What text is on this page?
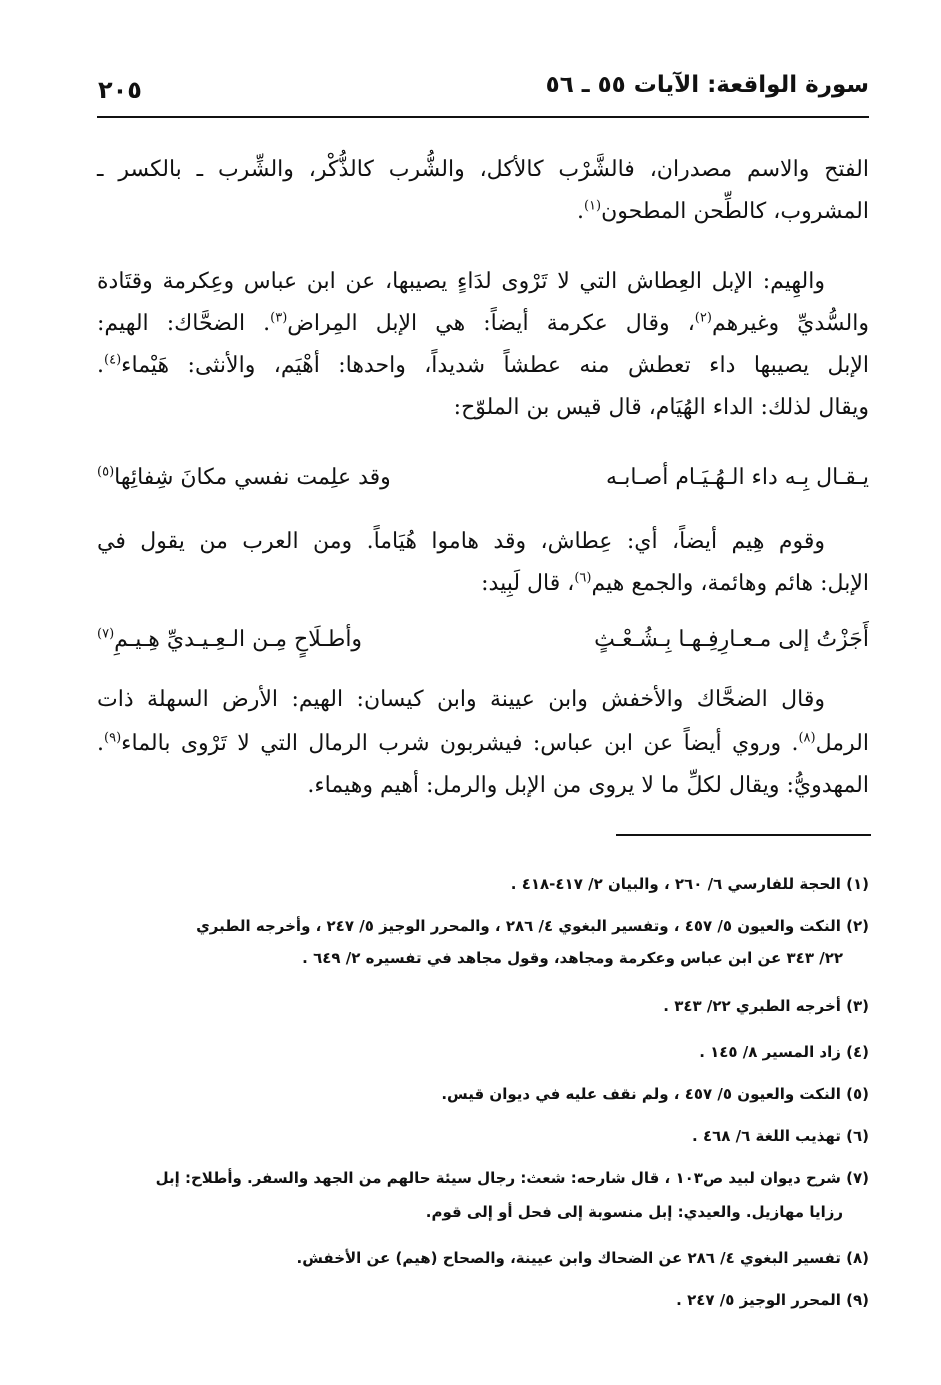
سورة الواقعة: الآيات ٥٥ ـ ٥٦
٢٠٥
الفتح والاسم مصدران، فالشَّرْب كالأكل، والشُّرب كالذُّكْر، والشِّرب ـ بالكسر ـ
المشروب، كالطِّحن المطحون$^{(١)}$.
والهِيم: الإبل العِطاش التي لا تَرْوى لدَاءٍ يصيبها، عن ابن عباس وعِكرمة وقتَادة
والسُّديِّ وغيرهم$^{(٢)}$، وقال عكرمة أيضاً: هي الإبل المِراض$^{(٣)}$. الضحَّاك: الهيم:
الإبل يصيبها داء تعطش منه عطشاً شديداً، واحدها: أهْيَم، والأنثى: هَيْماء$^{(٤)}$.
ويقال لذلك: الداء الهُيَام، قال قيس بن الملوّح:
يـقـال بِـه داء الـهُـيَـام أصـابـه
وقد علِمت نفسي مكانَ شِفائِها$^{(٥)}$
وقوم هِيم أيضاً، أي: عِطاش، وقد هاموا هُيَاماً. ومن العرب من يقول في
الإبل: هائم وهائمة، والجمع هيم$^{(٦)}$، قال لَبِيد:
أَجَزْتُ إلى مـعـارِفِـهـا بِـشُـعْـثٍ
وأطـلَاحٍ مِـن الـعِـيـديِّ هِـيـمِ$^{(٧)}$
وقال الضحَّاك والأخفش وابن عيينة وابن كيسان: الهيم: الأرض السهلة ذات
الرمل$^{(٨)}$. وروي أيضاً عن ابن عباس: فيشربون شرب الرمال التي لا تَرْوى بالماء$^{(٩)}$.
المهدويُّ: ويقال لكلِّ ما لا يروى من الإبل والرمل: أهيم وهيماء.
(١) الحجة للفارسي ٦/ ٢٦٠ ، والبيان ٢/ ٤١٧-٤١٨ .
(٢) النكت والعيون ٥/ ٤٥٧ ، وتفسير البغوي ٤/ ٢٨٦ ، والمحرر الوجيز ٥/ ٢٤٧ ، وأخرجه الطبري
٢٢/ ٣٤٣ عن ابن عباس وعكرمة ومجاهد، وقول مجاهد في تفسيره ٢/ ٦٤٩ .
(٣) أخرجه الطبري ٢٢/ ٣٤٣ .
(٤) زاد المسير ٨/ ١٤٥ .
(٥) النكت والعيون ٥/ ٤٥٧ ، ولم نقف عليه في ديوان قيس.
(٦) تهذيب اللغة ٦/ ٤٦٨ .
(٧) شرح ديوان لبيد ص١٠٣ ، قال شارحه: شعث: رجال سيئة حالهم من الجهد والسفر. وأطلاح: إبل
رزايا مهازيل. والعيدي: إبل منسوبة إلى فحل أو إلى قوم.
(٨) تفسير البغوي ٤/ ٢٨٦ عن الضحاك وابن عيينة، والصحاح (هيم) عن الأخفش.
(٩) المحرر الوجيز ٥/ ٢٤٧ .
